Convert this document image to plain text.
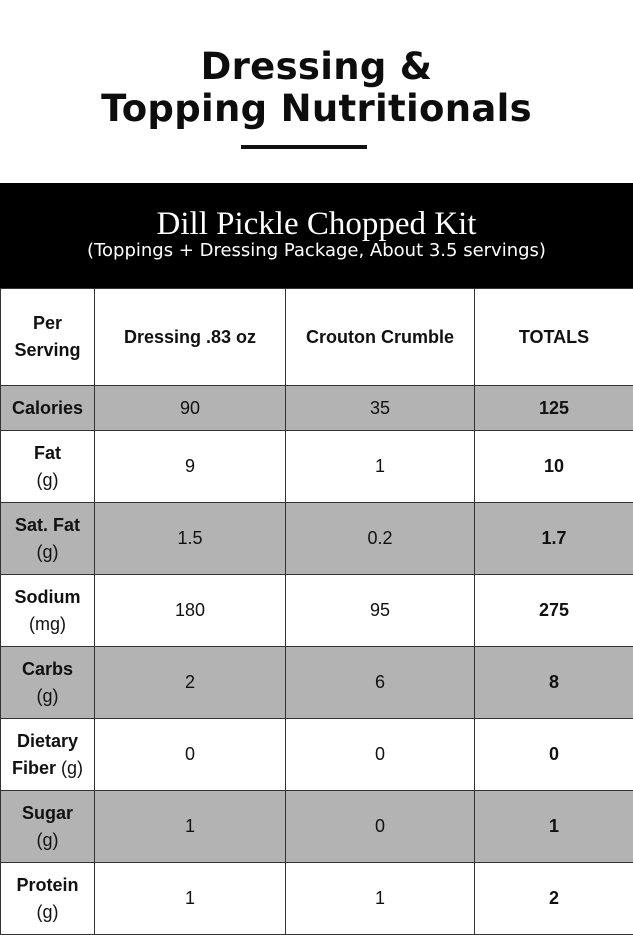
Dressing &
Topping Nutritionals
Dill Pickle Chopped Kit
(Toppings + Dressing Package, About 3.5 servings)
Per
Serving	Dressing .83 oz	Crouton Crumble	TOTALS
Calories	90	35	125

Fat
(g)	9	1	10

Sat. Fat
(g)	1.5	0.2	1.7

Sodium
(mg)	180	95	275

Carbs
(g)	2	6	8

Dietary
Fiber (g)	0	0	0

Sugar
(g)	1	0	1

Protein
(g)	1	1	2
